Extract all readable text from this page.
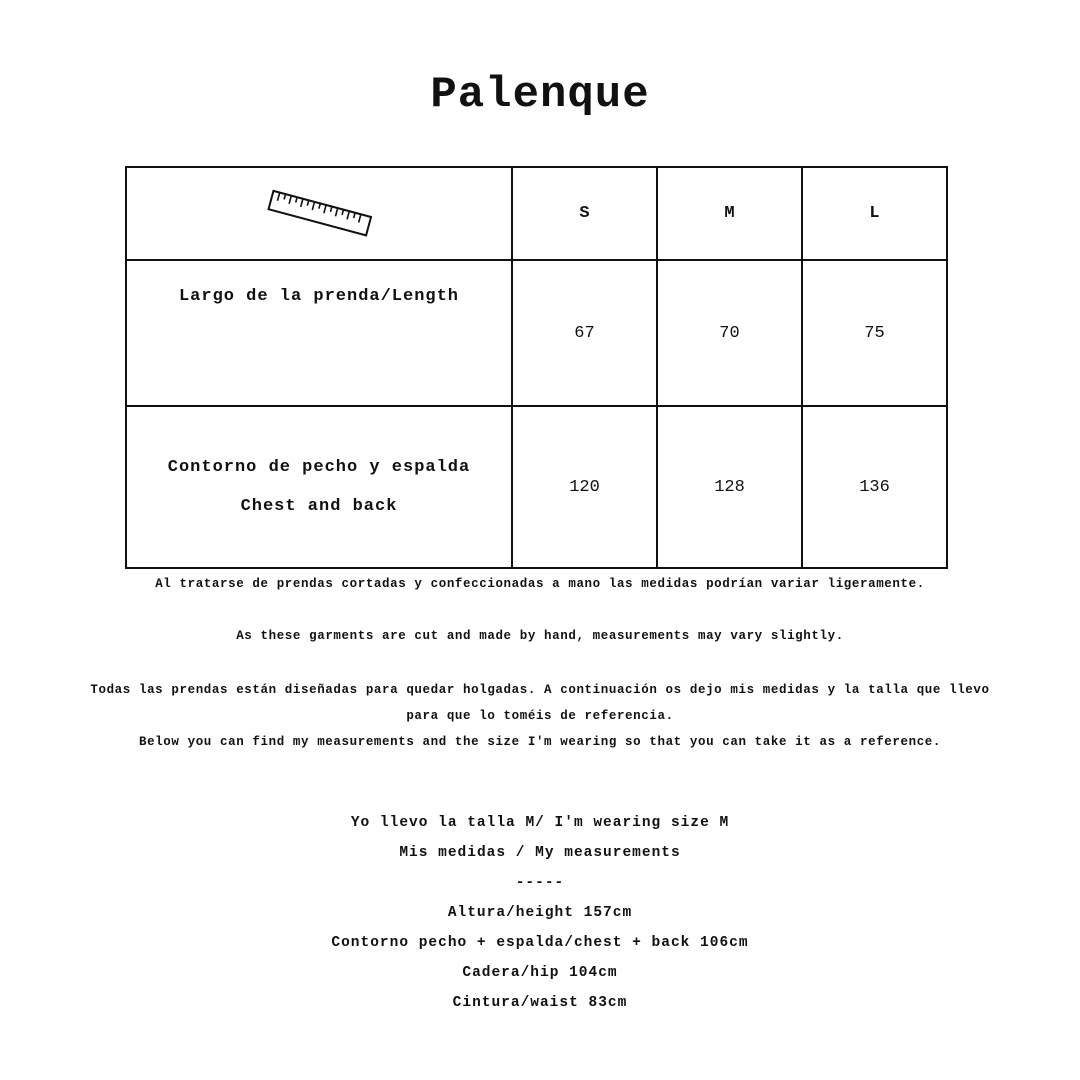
Palenque
	S	M	L
Largo de la prenda/Length	67	70	75

Contorno de pecho y espalda
Chest and back	120	128	136
Al tratarse de prendas cortadas y confeccionadas a mano las medidas podrían variar ligeramente.
As these garments are cut and made by hand, measurements may vary slightly.
Todas las prendas están diseñadas para quedar holgadas. A continuación os dejo mis medidas y la talla que llevo
para que lo toméis de referencia.
Below you can find my measurements and the size I'm wearing so that you can take it as a reference.
Yo llevo la talla M/ I'm wearing size M
Mis medidas / My measurements
-----
Altura/height 157cm
Contorno pecho + espalda/chest + back 106cm
Cadera/hip 104cm
Cintura/waist 83cm
